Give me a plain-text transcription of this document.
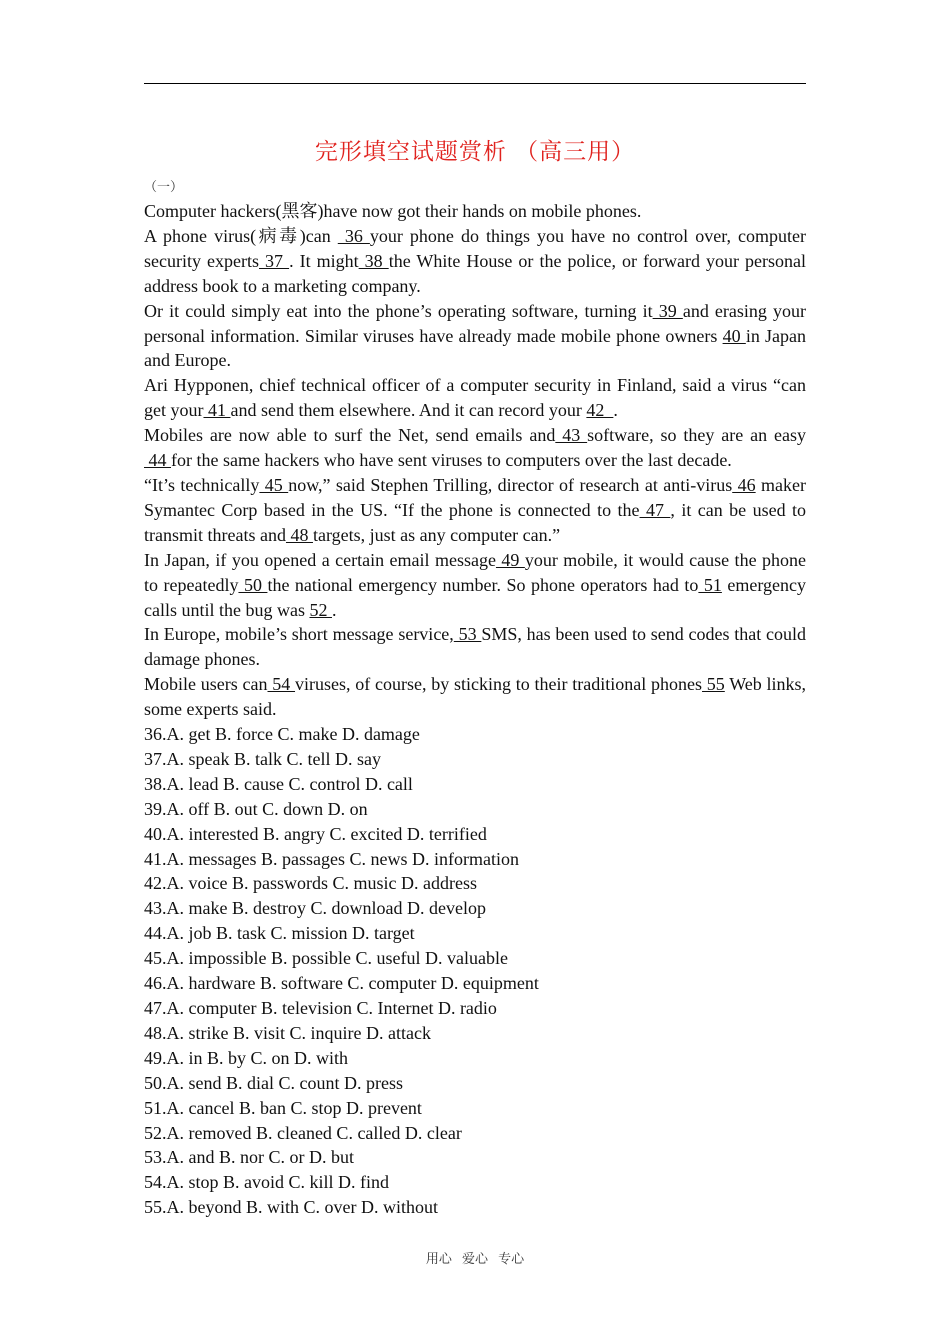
完形填空试题赏析 （高三用）
（一）

Computer hackers(黑客)have now got their hands on mobile phones.

A phone virus(病毒)can  36 your phone do things you have no control over, computer security experts 37 . It might 38 the White House or the police, or forward your personal address book to a marketing company.

Or it could simply eat into the phone’s operating software, turning it 39 and erasing your personal information. Similar viruses have already made mobile phone owners 40 in Japan and Europe.

Ari Hypponen, chief technical officer of a computer security in Finland, said a virus “can get your 41 and send them elsewhere. And it can record your 42  .

Mobiles are now able to surf the Net, send emails and 43 software, so they are an easy 44 for the same hackers who have sent viruses to computers over the last decade.

“It’s technically 45 now,” said Stephen Trilling, director of research at anti-virus 46 maker Symantec Corp based in the US. “If the phone is connected to the 47 , it can be used to transmit threats and 48 targets, just as any computer can.”

In Japan, if you opened a certain email message 49 your mobile, it would cause the phone to repeatedly 50 the national emergency number. So phone operators had to 51 emergency calls until the bug was 52 .

In Europe, mobile’s short message service, 53 SMS, has been used to send codes that could damage phones.

Mobile users can 54 viruses, of course, by sticking to their traditional phones 55 Web links, some experts said.

36.A. get B. force C. make D. damage
37.A. speak B. talk C. tell D. say
38.A. lead B. cause C. control D. call
39.A. off B. out C. down D. on
40.A. interested B. angry C. excited D. terrified
41.A. messages B. passages C. news D. information
42.A. voice B. passwords C. music D. address
43.A. make B. destroy C. download D. develop
44.A. job B. task C. mission D. target
45.A. impossible B. possible C. useful D. valuable
46.A. hardware B. software C. computer D. equipment
47.A. computer B. television C. Internet D. radio
48.A. strike B. visit C. inquire D. attack
49.A. in B. by C. on D. with
50.A. send B. dial C. count D. press
51.A. cancel B. ban C. stop D. prevent
52.A. removed B. cleaned C. called D. clear
53.A. and B. nor C. or D. but
54.A. stop B. avoid C. kill D. find
55.A. beyond B. with C. over D. without
用心 爱心 专心
